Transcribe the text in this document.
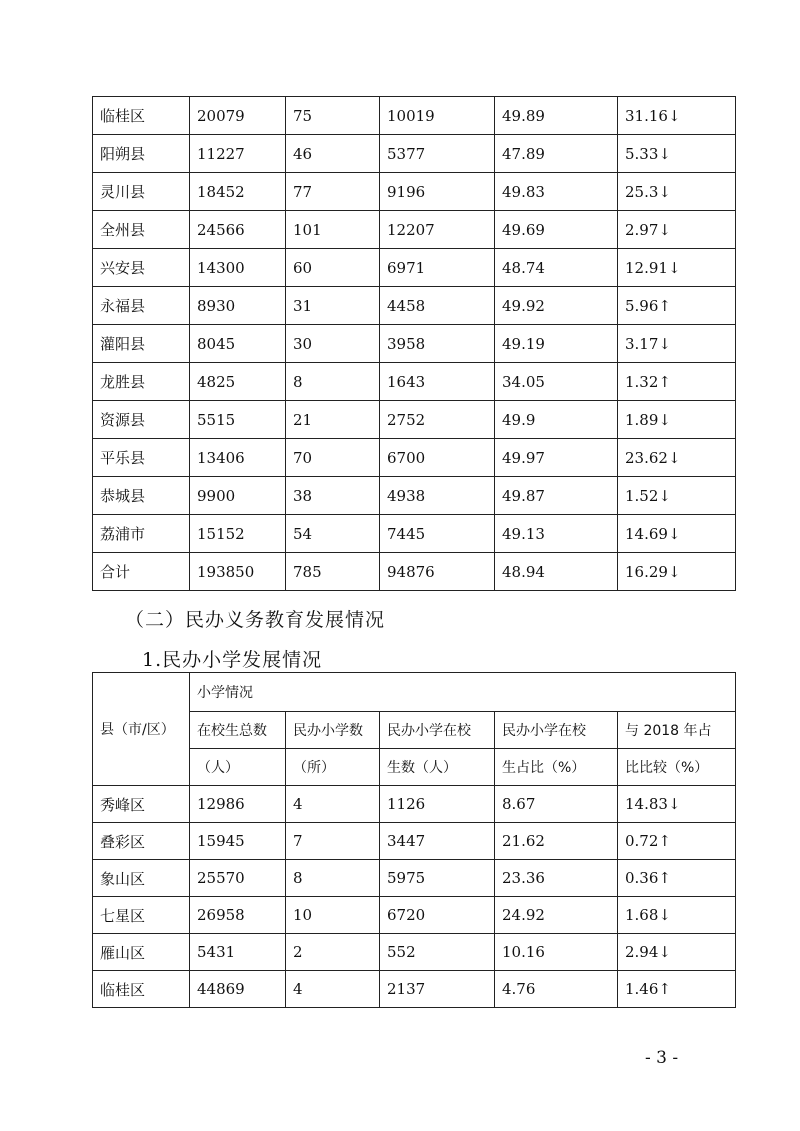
临桂区	20079	75	10019	49.89	31.16↓
阳朔县	11227	46	5377	47.89	5.33↓
灵川县	18452	77	9196	49.83	25.3↓
全州县	24566	101	12207	49.69	2.97↓
兴安县	14300	60	6971	48.74	12.91↓
永福县	8930	31	4458	49.92	5.96↑
灌阳县	8045	30	3958	49.19	3.17↓
龙胜县	4825	8	1643	34.05	1.32↑
资源县	5515	21	2752	49.9	1.89↓
平乐县	13406	70	6700	49.97	23.62↓
恭城县	9900	38	4938	49.87	1.52↓
荔浦市	15152	54	7445	49.13	14.69↓
合计	193850	785	94876	48.94	16.29↓
（二）民办义务教育发展情况
1.民办小学发展情况
县（市/区）	小学情况				
	在校生总数	民办小学数	民办小学在校	民办小学在校	与 2018 年占
	（人）	（所）	生数（人）	生占比（%）	比比较（%）
秀峰区	12986	4	1126	8.67	14.83↓
叠彩区	15945	7	3447	21.62	0.72↑
象山区	25570	8	5975	23.36	0.36↑
七星区	26958	10	6720	24.92	1.68↓
雁山区	5431	2	552	10.16	2.94↓
临桂区	44869	4	2137	4.76	1.46↑
- 3 -
